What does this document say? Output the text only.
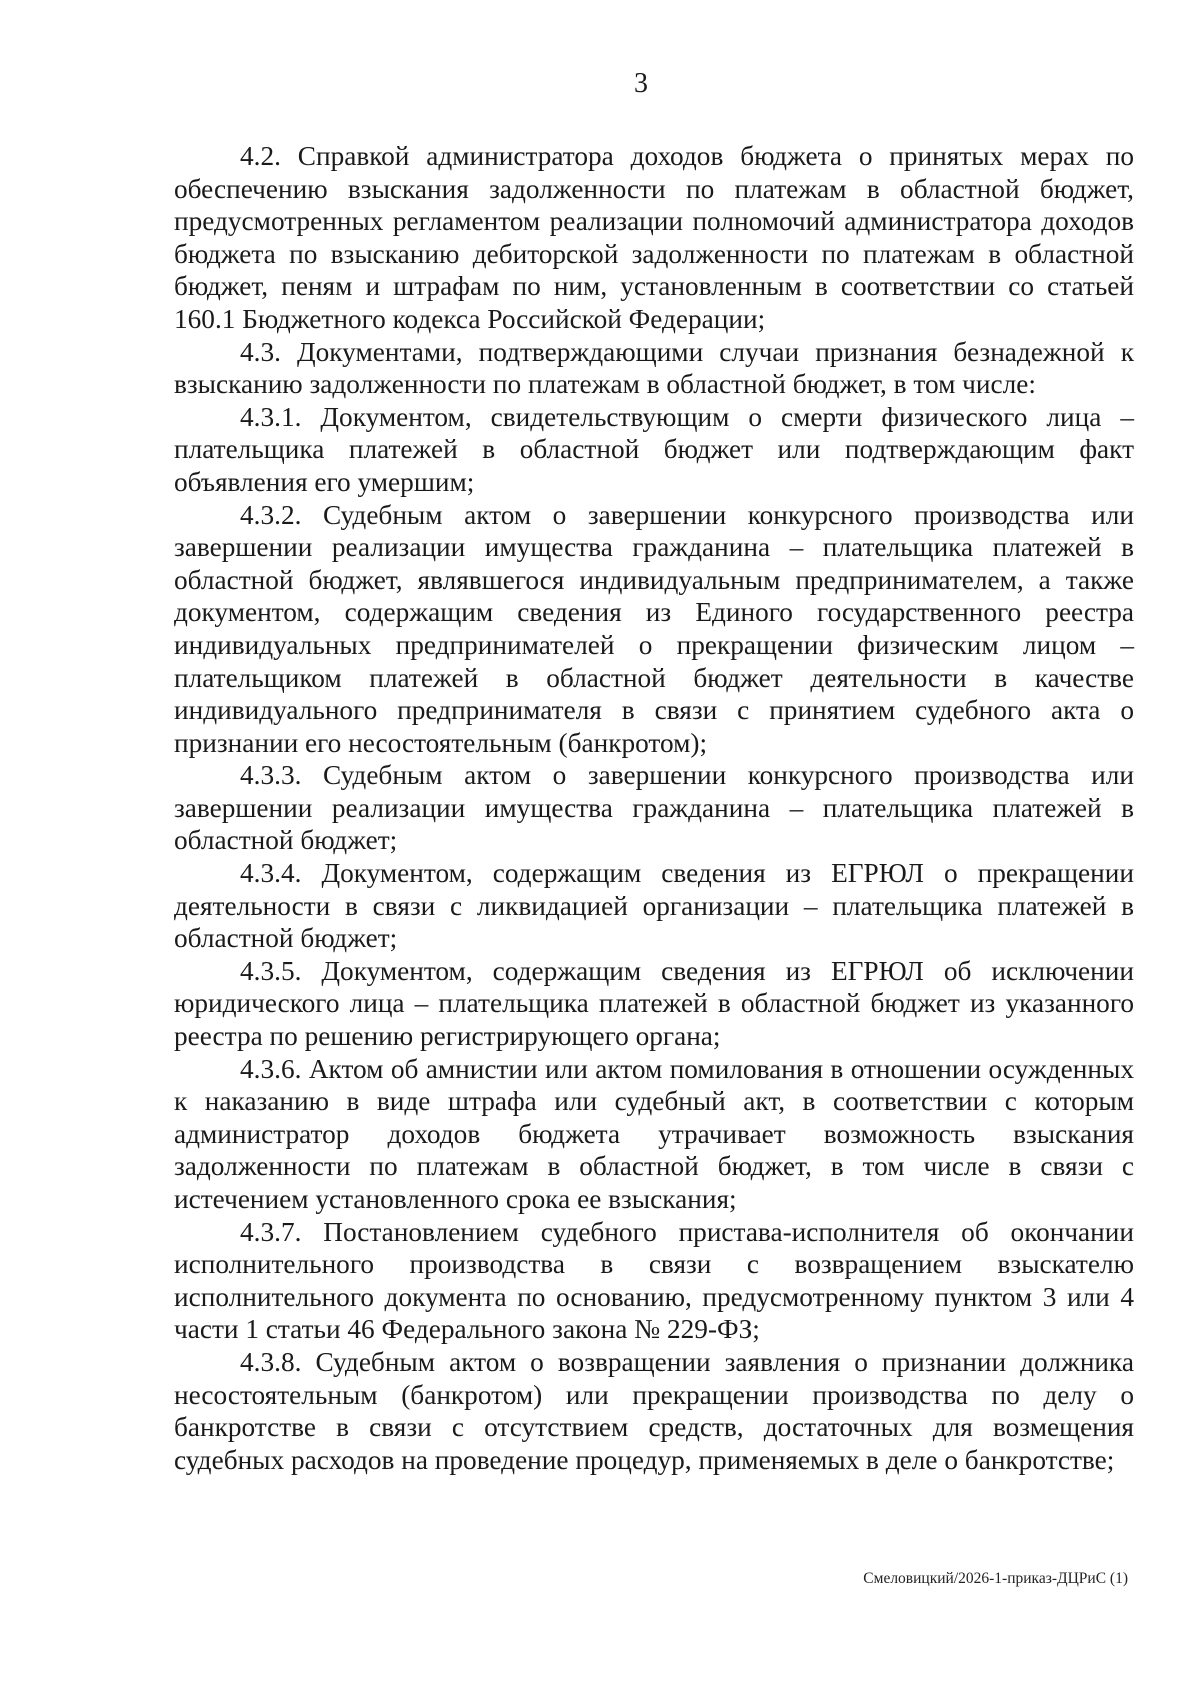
3

4.2. Справкой администратора доходов бюджета о принятых мерах по обеспечению взыскания задолженности по платежам в областной бюджет, предусмотренных регламентом реализации полномочий администратора доходов бюджета по взысканию дебиторской задолженности по платежам в областной бюджет, пеням и штрафам по ним, установленным в соответствии со статьей 160.1 Бюджетного кодекса Российской Федерации;

4.3. Документами, подтверждающими случаи признания безнадежной к взысканию задолженности по платежам в областной бюджет, в том числе:

4.3.1. Документом, свидетельствующим о смерти физического лица – плательщика платежей в областной бюджет или подтверждающим факт объявления его умершим;

4.3.2. Судебным актом о завершении конкурсного производства или завершении реализации имущества гражданина – плательщика платежей в областной бюджет, являвшегося индивидуальным предпринимателем, а также документом, содержащим сведения из Единого государственного реестра индивидуальных предпринимателей о прекращении физическим лицом – плательщиком платежей в областной бюджет деятельности в качестве индивидуального предпринимателя в связи с принятием судебного акта о признании его несостоятельным (банкротом);

4.3.3. Судебным актом о завершении конкурсного производства или завершении реализации имущества гражданина – плательщика платежей в областной бюджет;

4.3.4. Документом, содержащим сведения из ЕГРЮЛ о прекращении деятельности в связи с ликвидацией организации – плательщика платежей в областной бюджет;

4.3.5. Документом, содержащим сведения из ЕГРЮЛ об исключении юридического лица – плательщика платежей в областной бюджет из указанного реестра по решению регистрирующего органа;

4.3.6. Актом об амнистии или актом помилования в отношении осужденных к наказанию в виде штрафа или судебный акт, в соответствии с которым администратор доходов бюджета утрачивает возможность взыскания задолженности по платежам в областной бюджет, в том числе в связи с истечением установленного срока ее взыскания;

4.3.7. Постановлением судебного пристава-исполнителя об окончании исполнительного производства в связи с возвращением взыскателю исполнительного документа по основанию, предусмотренному пунктом 3 или 4 части 1 статьи 46 Федерального закона № 229-ФЗ;

4.3.8. Судебным актом о возвращении заявления о признании должника несостоятельным (банкротом) или прекращении производства по делу о банкротстве в связи с отсутствием средств, достаточных для возмещения судебных расходов на проведение процедур, применяемых в деле о банкротстве;

Смеловицкий/2026-1-приказ-ДЦРиС (1)
